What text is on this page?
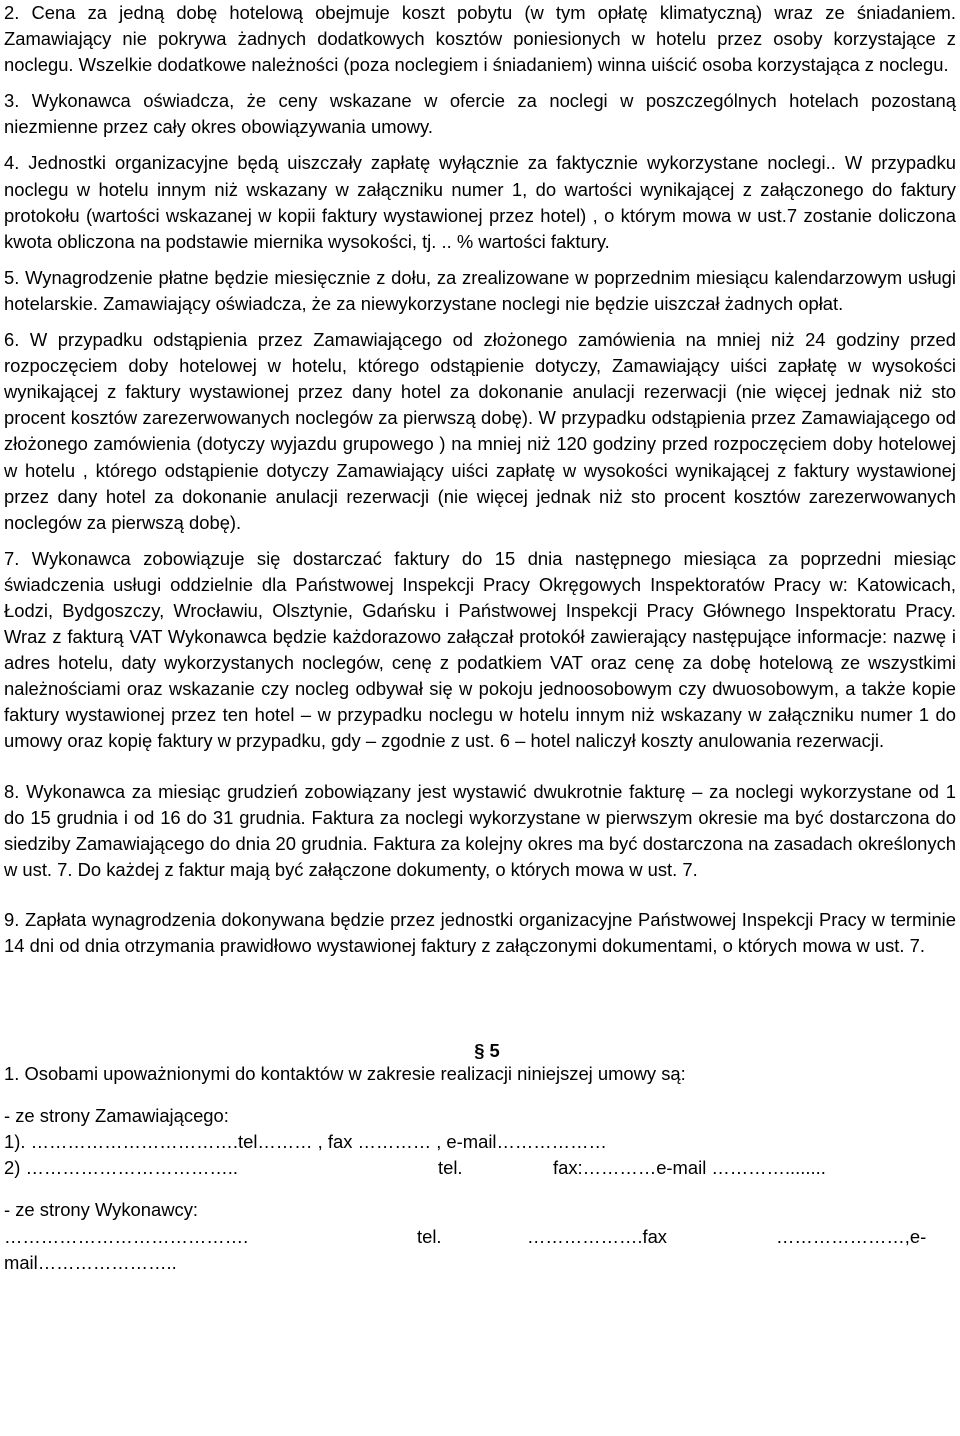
2. Cena za jedną dobę hotelową obejmuje koszt pobytu (w tym opłatę klimatyczną) wraz ze śniadaniem. Zamawiający nie pokrywa żadnych dodatkowych kosztów poniesionych w hotelu przez osoby korzystające z noclegu. Wszelkie dodatkowe należności (poza noclegiem i śniadaniem) winna uiścić osoba korzystająca z noclegu.

3. Wykonawca oświadcza, że ceny wskazane w ofercie za noclegi w poszczególnych hotelach pozostaną niezmienne przez cały okres obowiązywania umowy.

4. Jednostki organizacyjne będą uiszczały zapłatę wyłącznie za faktycznie wykorzystane noclegi.. W przypadku noclegu w hotelu innym niż wskazany w załączniku numer 1, do wartości wynikającej z załączonego do faktury protokołu (wartości wskazanej w kopii faktury wystawionej przez hotel) , o którym mowa w ust.7 zostanie doliczona kwota obliczona na podstawie miernika wysokości, tj. .. % wartości faktury.

5. Wynagrodzenie płatne będzie miesięcznie z dołu, za zrealizowane w poprzednim miesiącu kalendarzowym usługi hotelarskie. Zamawiający oświadcza, że za niewykorzystane noclegi nie będzie uiszczał żadnych opłat.

6. W przypadku odstąpienia przez Zamawiającego od złożonego zamówienia na mniej niż 24 godziny przed rozpoczęciem doby hotelowej w hotelu, którego odstąpienie dotyczy, Zamawiający uiści zapłatę w wysokości wynikającej z faktury wystawionej przez dany hotel za dokonanie anulacji rezerwacji (nie więcej jednak niż sto procent kosztów zarezerwowanych noclegów za pierwszą dobę). W przypadku odstąpienia przez Zamawiającego od złożonego zamówienia (dotyczy wyjazdu grupowego ) na mniej niż 120 godziny przed rozpoczęciem doby hotelowej w hotelu , którego odstąpienie dotyczy Zamawiający uiści zapłatę w wysokości wynikającej z faktury wystawionej przez dany hotel za dokonanie anulacji rezerwacji (nie więcej jednak niż sto procent kosztów zarezerwowanych noclegów za pierwszą dobę).

7. Wykonawca zobowiązuje się dostarczać faktury do 15 dnia następnego miesiąca za poprzedni miesiąc świadczenia usługi oddzielnie dla Państwowej Inspekcji Pracy Okręgowych Inspektoratów Pracy w: Katowicach, Łodzi, Bydgoszczy, Wrocławiu, Olsztynie, Gdańsku i Państwowej Inspekcji Pracy Głównego Inspektoratu Pracy. Wraz z fakturą VAT Wykonawca będzie każdorazowo załączał protokół zawierający następujące informacje: nazwę i adres hotelu, daty wykorzystanych noclegów, cenę z podatkiem VAT oraz cenę za dobę hotelową ze wszystkimi należnościami oraz wskazanie czy nocleg odbywał się w pokoju jednoosobowym czy dwuosobowym, a także kopie faktury wystawionej przez ten hotel – w przypadku noclegu w hotelu innym niż wskazany w załączniku numer 1 do umowy oraz kopię faktury w przypadku, gdy – zgodnie z ust. 6 – hotel naliczył koszty anulowania rezerwacji.

8. Wykonawca za miesiąc grudzień zobowiązany jest wystawić dwukrotnie fakturę – za noclegi wykorzystane od 1 do 15 grudnia i od 16 do 31 grudnia. Faktura za noclegi wykorzystane w pierwszym okresie ma być dostarczona do siedziby Zamawiającego do dnia 20 grudnia. Faktura za kolejny okres ma być dostarczona na zasadach określonych w ust. 7. Do każdej z faktur mają być załączone dokumenty, o których mowa w ust. 7.

9. Zapłata wynagrodzenia dokonywana będzie przez jednostki organizacyjne Państwowej Inspekcji Pracy w terminie 14 dni od dnia otrzymania prawidłowo wystawionej faktury z załączonymi dokumentami, o których mowa w ust. 7.

§ 5

1. Osobami upoważnionymi do kontaktów w zakresie realizacji niniejszej umowy są:

- ze strony Zamawiającego:

1). …………………………….tel……… , fax ………… , e-mail………………

2) ……………………………..	tel.	fax:…………e-mail …………........

- ze strony Wykonawcy:

………………………………….	tel.	……………….fax	…………………,e-

mail…………………..
